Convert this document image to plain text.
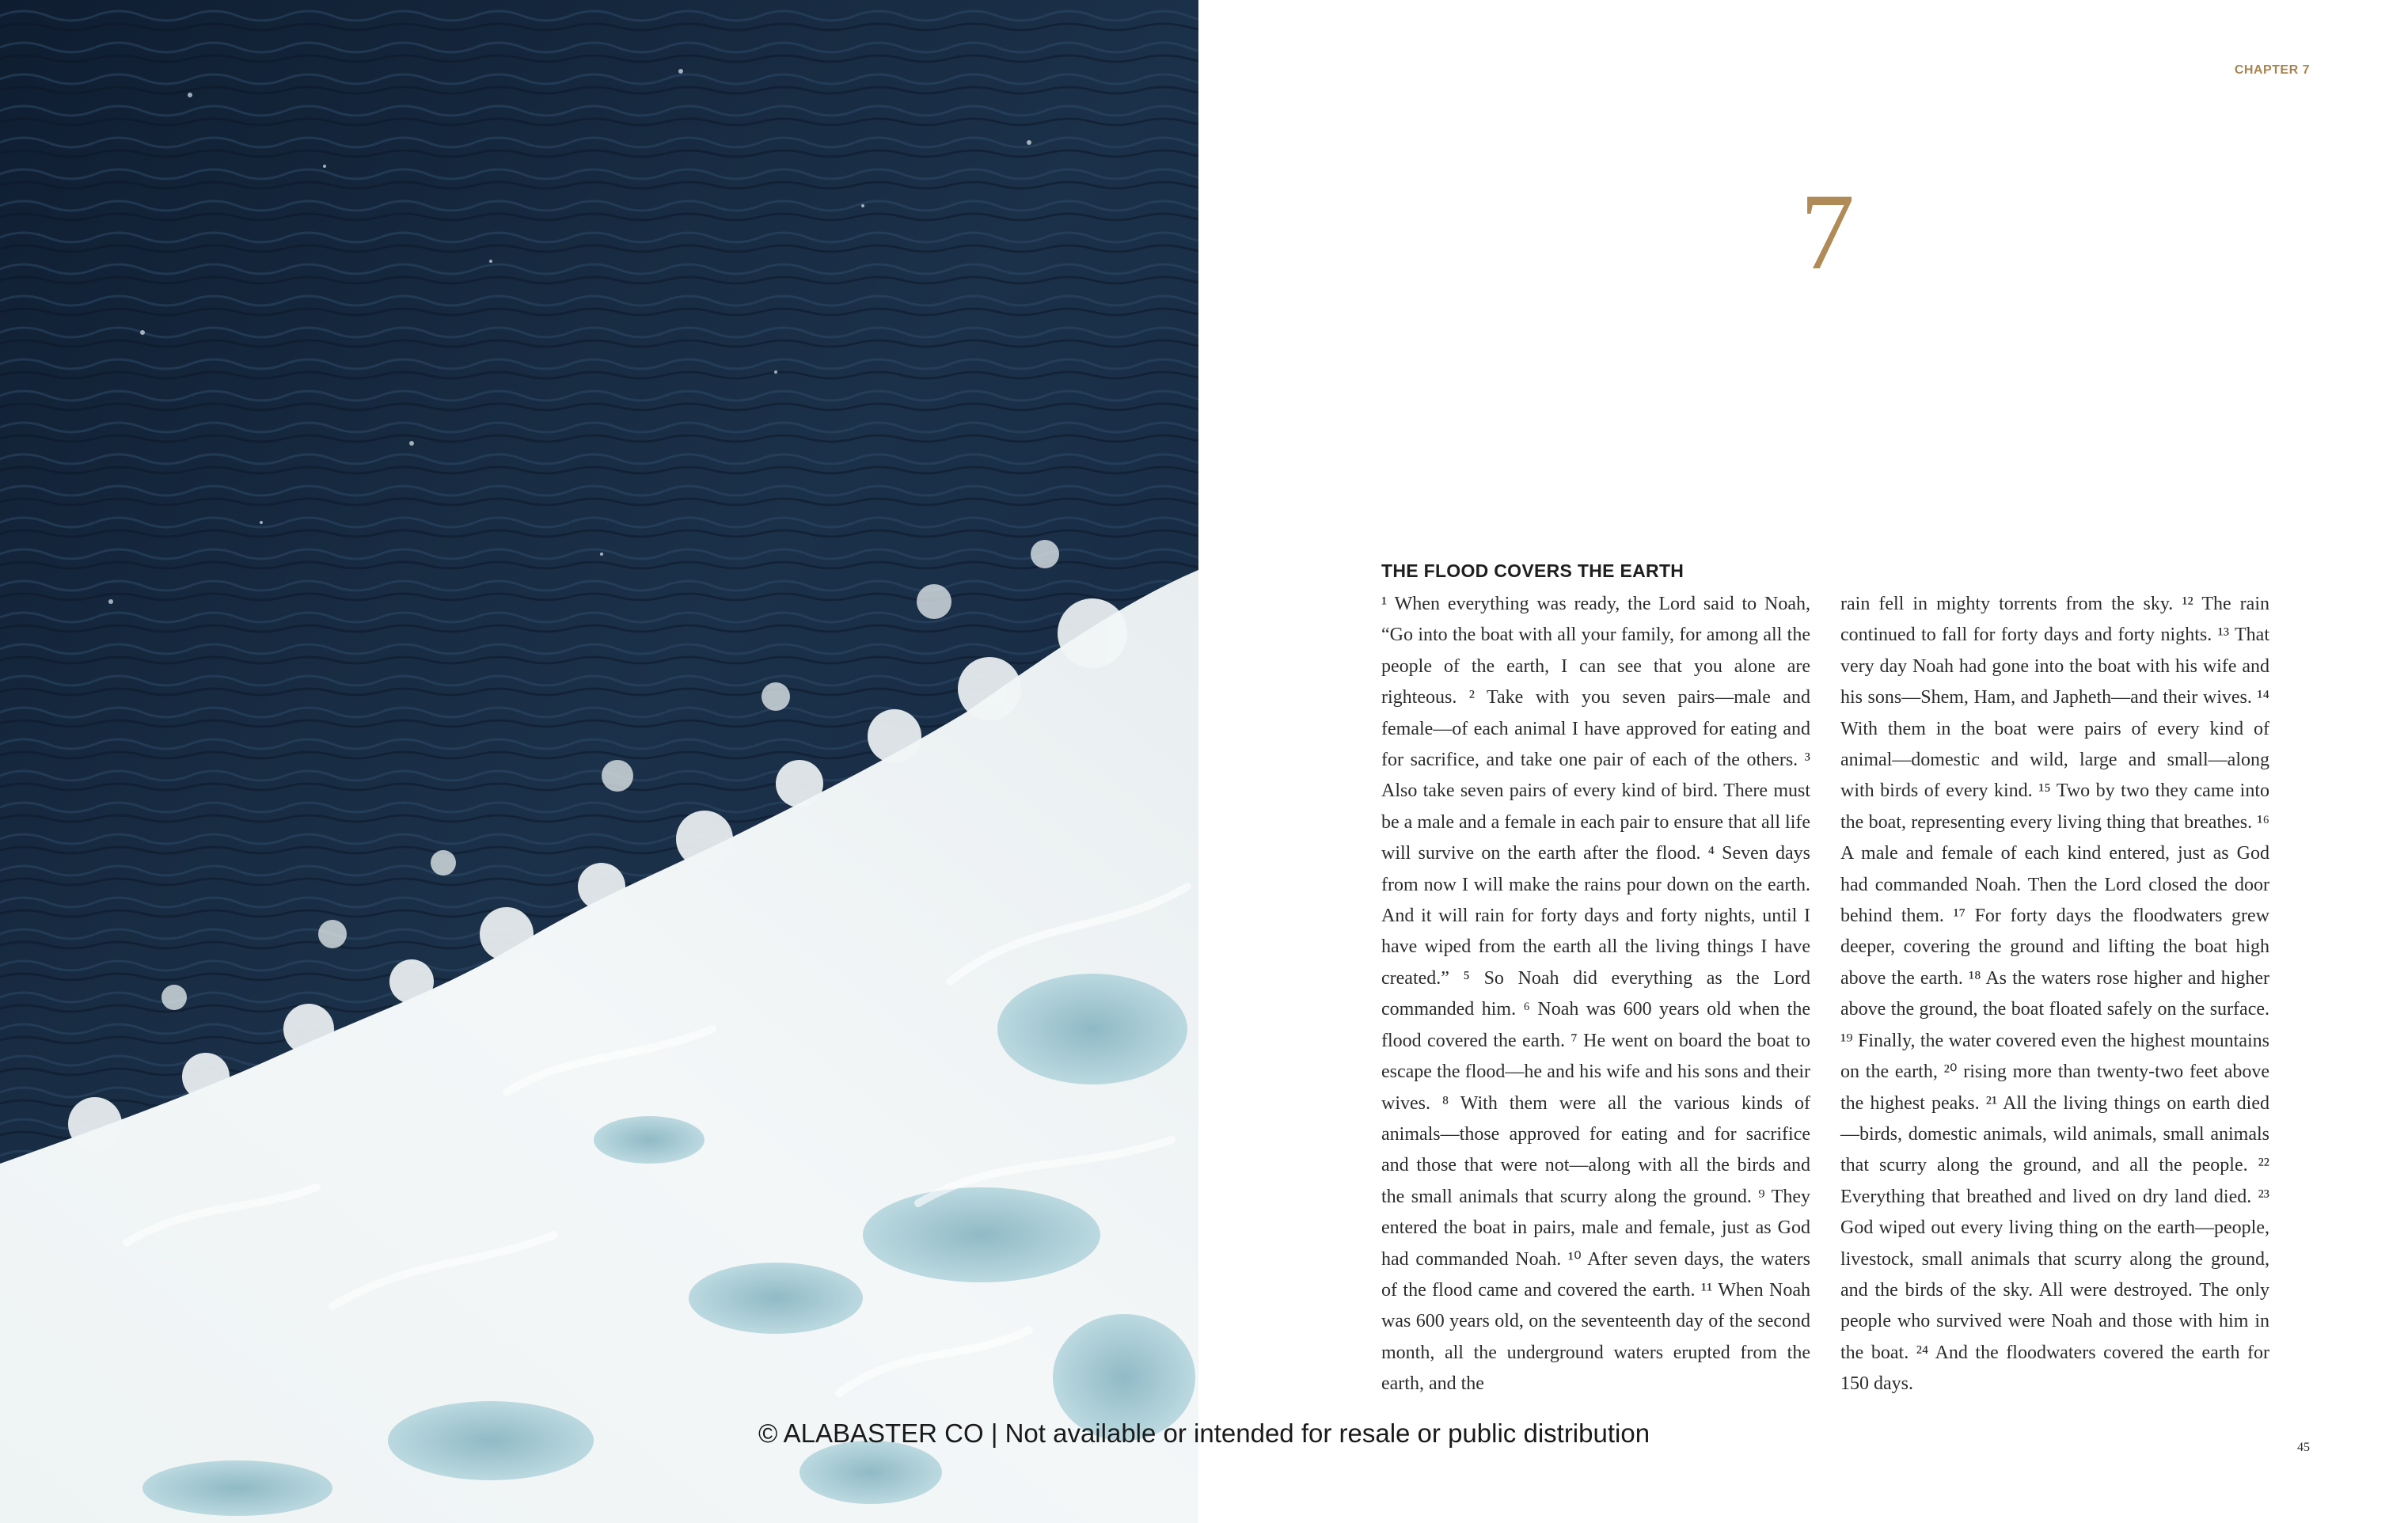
CHAPTER 7
7
THE FLOOD COVERS THE EARTH
¹ When everything was ready, the Lord said to Noah, “Go into the boat with all your family, for among all the people of the earth, I can see that you alone are righteous. ² Take with you seven pairs—male and female—of each animal I have approved for eating and for sacrifice, and take one pair of each of the others. ³ Also take seven pairs of every kind of bird. There must be a male and a female in each pair to ensure that all life will survive on the earth after the flood. ⁴ Seven days from now I will make the rains pour down on the earth. And it will rain for forty days and forty nights, until I have wiped from the earth all the living things I have created.” ⁵ So Noah did everything as the Lord commanded him. ⁶ Noah was 600 years old when the flood covered the earth. ⁷ He went on board the boat to escape the flood—he and his wife and his sons and their wives. ⁸ With them were all the various kinds of animals—those approved for eating and for sacrifice and those that were not—along with all the birds and the small animals that scurry along the ground. ⁹ They entered the boat in pairs, male and female, just as God had commanded Noah. ¹⁰ After seven days, the waters of the flood came and covered the earth. ¹¹ When Noah was 600 years old, on the seventeenth day of the second month, all the underground waters erupted from the earth, and the
rain fell in mighty torrents from the sky. ¹² The rain continued to fall for forty days and forty nights. ¹³ That very day Noah had gone into the boat with his wife and his sons—Shem, Ham, and Japheth—and their wives. ¹⁴ With them in the boat were pairs of every kind of animal—domestic and wild, large and small—along with birds of every kind. ¹⁵ Two by two they came into the boat, representing every living thing that breathes. ¹⁶ A male and female of each kind entered, just as God had commanded Noah. Then the Lord closed the door behind them. ¹⁷ For forty days the floodwaters grew deeper, covering the ground and lifting the boat high above the earth. ¹⁸ As the waters rose higher and higher above the ground, the boat floated safely on the surface. ¹⁹ Finally, the water covered even the highest mountains on the earth, ²⁰ rising more than twenty-two feet above the highest peaks. ²¹ All the living things on earth died—birds, domestic animals, wild animals, small animals that scurry along the ground, and all the people. ²² Everything that breathed and lived on dry land died. ²³ God wiped out every living thing on the earth—people, livestock, small animals that scurry along the ground, and the birds of the sky. All were destroyed. The only people who survived were Noah and those with him in the boat. ²⁴ And the floodwaters covered the earth for 150 days.
45
© ALABASTER CO | Not available or intended for resale or public distribution
